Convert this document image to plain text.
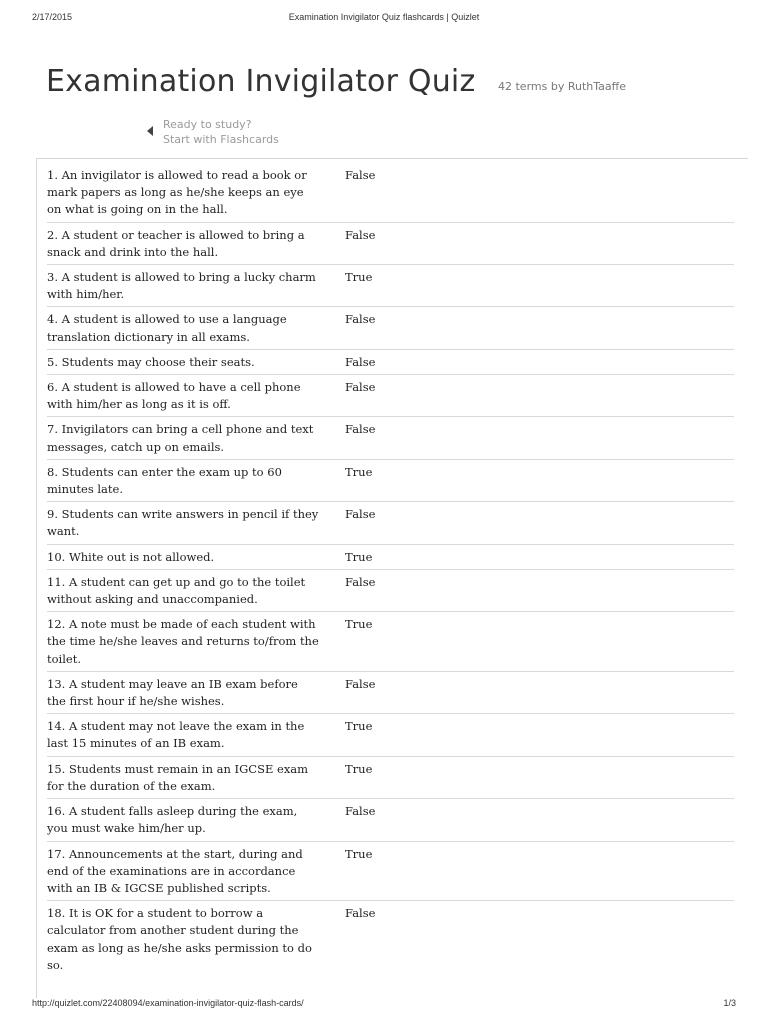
2/17/2015	Examination Invigilator Quiz flashcards | Quizlet
Examination Invigilator Quiz 42 terms by RuthTaaffe
Ready to study?
Start with Flashcards
1. An invigilator is allowed to read a book or mark papers as long as he/she keeps an eye on what is going on in the hall.
False
2. A student or teacher is allowed to bring a snack and drink into the hall.
False
3. A student is allowed to bring a lucky charm with him/her.
True
4. A student is allowed to use a language translation dictionary in all exams.
False
5. Students may choose their seats.	False
6. A student is allowed to have a cell phone with him/her as long as it is off.
False
7. Invigilators can bring a cell phone and text messages, catch up on emails.
False
8. Students can enter the exam up to 60 minutes late.
True
9. Students can write answers in pencil if they want.
False
10. White out is not allowed.	True
11. A student can get up and go to the toilet without asking and unaccompanied.
False
12. A note must be made of each student with the time he/she leaves and returns to/from the toilet.
True
13. A student may leave an IB exam before the first hour if he/she wishes.
False
14. A student may not leave the exam in the last 15 minutes of an IB exam.
True
15. Students must remain in an IGCSE exam for the duration of the exam.
True
16. A student falls asleep during the exam, you must wake him/her up.
False
17. Announcements at the start, during and end of the examinations are in accordance with an IB & IGCSE published scripts.
True
18. It is OK for a student to borrow a calculator from another student during the exam as long as he/she asks permission to do so.
False
http://quizlet.com/22408094/examination-invigilator-quiz-flash-cards/	1/3
